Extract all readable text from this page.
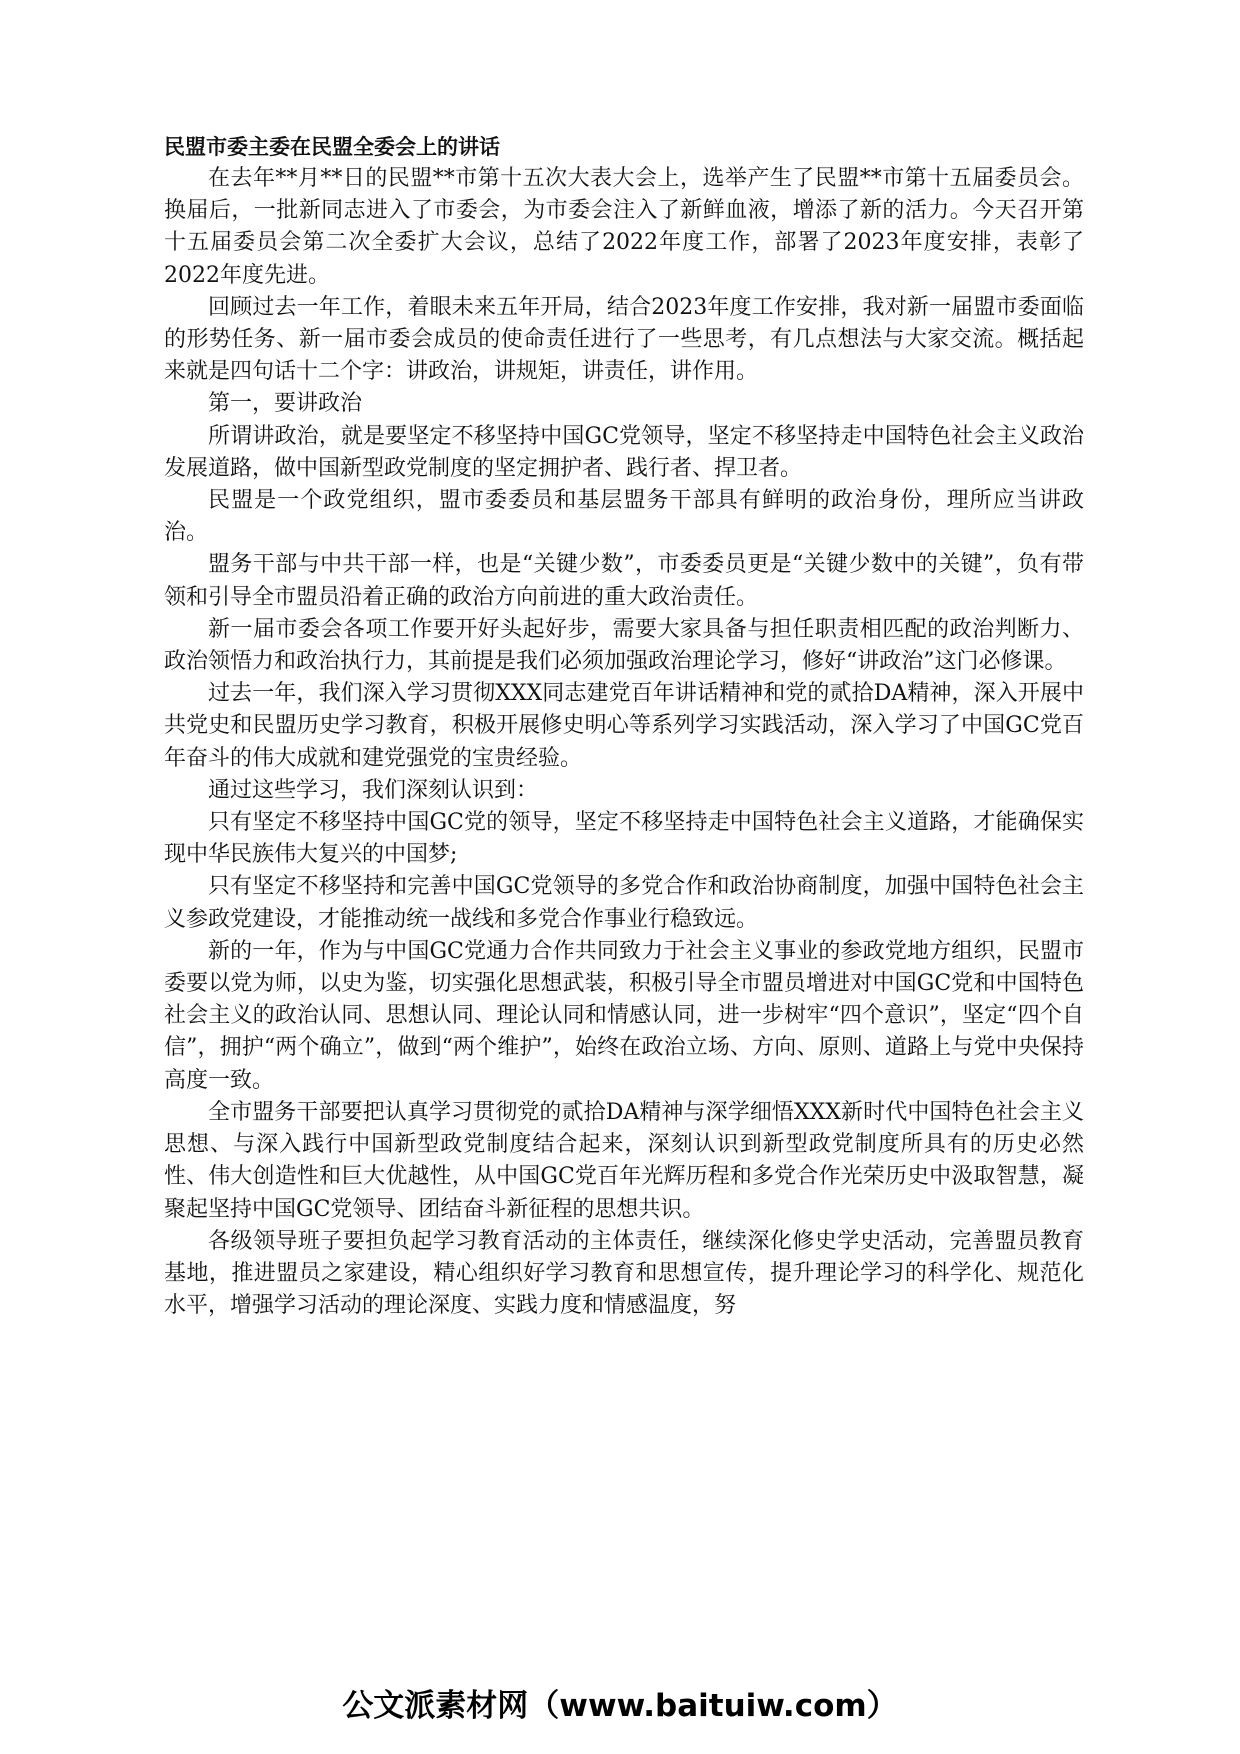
民盟市委主委在民盟全委会上的讲话

在去年**月**日的民盟**市第十五次大表大会上，选举产生了民盟**市第十五届委员会。换届后，一批新同志进入了市委会，为市委会注入了新鲜血液，增添了新的活力。今天召开第十五届委员会第二次全委扩大会议，总结了2022年度工作，部署了2023年度安排，表彰了2022年度先进。

回顾过去一年工作，着眼未来五年开局，结合2023年度工作安排，我对新一届盟市委面临的形势任务、新一届市委会成员的使命责任进行了一些思考，有几点想法与大家交流。概括起来就是四句话十二个字：讲政治，讲规矩，讲责任，讲作用。

第一，要讲政治

所谓讲政治，就是要坚定不移坚持中国GC党领导，坚定不移坚持走中国特色社会主义政治发展道路，做中国新型政党制度的坚定拥护者、践行者、捍卫者。

民盟是一个政党组织，盟市委委员和基层盟务干部具有鲜明的政治身份，理所应当讲政治。

盟务干部与中共干部一样，也是“关键少数”，市委委员更是“关键少数中的关键”，负有带领和引导全市盟员沿着正确的政治方向前进的重大政治责任。

新一届市委会各项工作要开好头起好步，需要大家具备与担任职责相匹配的政治判断力、政治领悟力和政治执行力，其前提是我们必须加强政治理论学习，修好“讲政治”这门必修课。

过去一年，我们深入学习贯彻XXX同志建党百年讲话精神和党的贰拾DA精神，深入开展中共党史和民盟历史学习教育，积极开展修史明心等系列学习实践活动，深入学习了中国GC党百年奋斗的伟大成就和建党强党的宝贵经验。

通过这些学习，我们深刻认识到：

只有坚定不移坚持中国GC党的领导，坚定不移坚持走中国特色社会主义道路，才能确保实现中华民族伟大复兴的中国梦;

只有坚定不移坚持和完善中国GC党领导的多党合作和政治协商制度，加强中国特色社会主义参政党建设，才能推动统一战线和多党合作事业行稳致远。

新的一年，作为与中国GC党通力合作共同致力于社会主义事业的参政党地方组织，民盟市委要以党为师，以史为鉴，切实强化思想武装，积极引导全市盟员增进对中国GC党和中国特色社会主义的政治认同、思想认同、理论认同和情感认同，进一步树牢“四个意识”，坚定“四个自信”，拥护“两个确立”，做到“两个维护”，始终在政治立场、方向、原则、道路上与党中央保持高度一致。

全市盟务干部要把认真学习贯彻党的贰拾DA精神与深学细悟XXX新时代中国特色社会主义思想、与深入践行中国新型政党制度结合起来，深刻认识到新型政党制度所具有的历史必然性、伟大创造性和巨大优越性，从中国GC党百年光辉历程和多党合作光荣历史中汲取智慧，凝聚起坚持中国GC党领导、团结奋斗新征程的思想共识。

各级领导班子要担负起学习教育活动的主体责任，继续深化修史学史活动，完善盟员教育基地，推进盟员之家建设，精心组织好学习教育和思想宣传，提升理论学习的科学化、规范化水平，增强学习活动的理论深度、实践力度和情感温度，努

公文派素材网（www.baituiw.com）
